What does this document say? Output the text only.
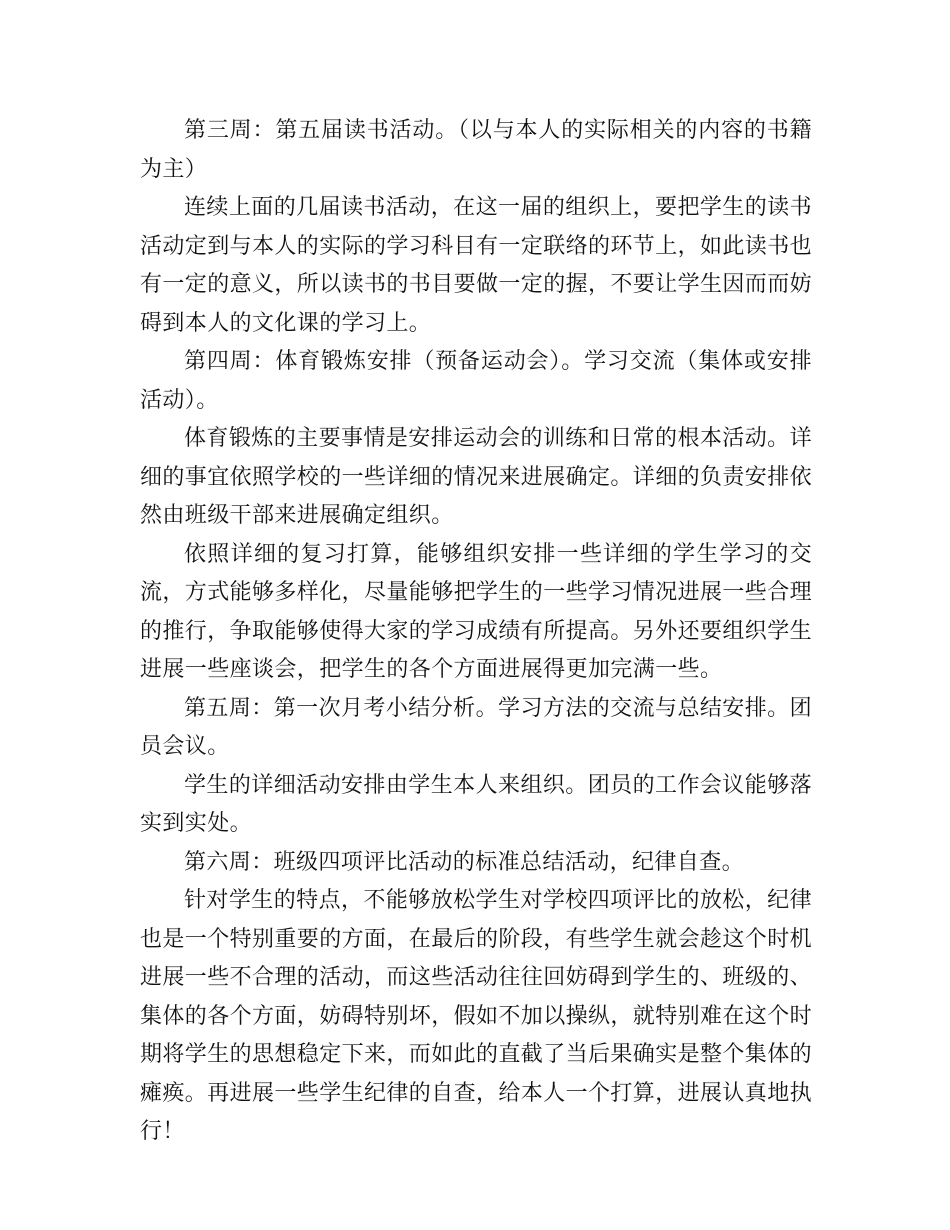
第三周：第五届读书活动。（以与本人的实际相关的内容的书籍为主）

连续上面的几届读书活动，在这一届的组织上，要把学生的读书活动定到与本人的实际的学习科目有一定联络的环节上，如此读书也有一定的意义，所以读书的书目要做一定的握，不要让学生因而而妨碍到本人的文化课的学习上。

第四周：体育锻炼安排（预备运动会）。学习交流（集体或安排活动）。

体育锻炼的主要事情是安排运动会的训练和日常的根本活动。详细的事宜依照学校的一些详细的情况来进展确定。详细的负责安排依然由班级干部来进展确定组织。

依照详细的复习打算，能够组织安排一些详细的学生学习的交流，方式能够多样化，尽量能够把学生的一些学习情况进展一些合理的推行，争取能够使得大家的学习成绩有所提高。另外还要组织学生进展一些座谈会，把学生的各个方面进展得更加完满一些。

第五周：第一次月考小结分析。学习方法的交流与总结安排。团员会议。

学生的详细活动安排由学生本人来组织。团员的工作会议能够落实到实处。

第六周：班级四项评比活动的标准总结活动，纪律自查。

针对学生的特点，不能够放松学生对学校四项评比的放松，纪律也是一个特别重要的方面，在最后的阶段，有些学生就会趁这个时机进展一些不合理的活动，而这些活动往往回妨碍到学生的、班级的、集体的各个方面，妨碍特别坏，假如不加以操纵，就特别难在这个时期将学生的思想稳定下来，而如此的直截了当后果确实是整个集体的瘫痪。再进展一些学生纪律的自查，给本人一个打算，进展认真地执行！
